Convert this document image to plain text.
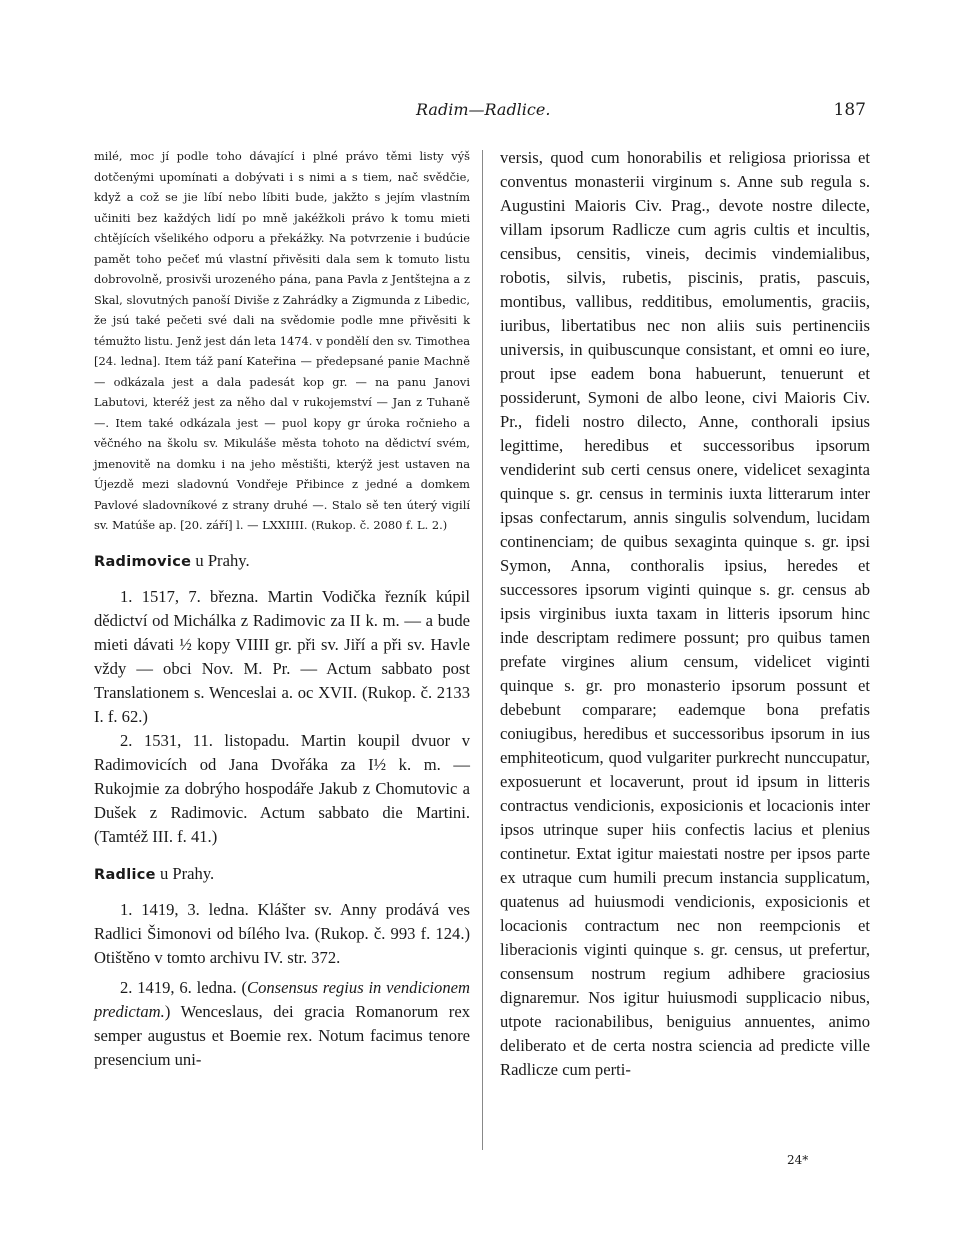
Radim—Radlice.	187

milé, moc jí podle toho dávající i plné právo těmi listy výš dotčenými upomínati a dobývati i s nimi a s tiem, nač svědčie, když a což se jie líbí nebo líbiti bude, jakžto s jejím vlastním učiniti bez každých lidí po mně jakéžkoli právo k tomu mieti chtějících všelikého odporu a překážky. Na potvrzenie i budúcie pamět toho pečeť mú vlastní přivěsiti dala sem k tomuto listu dobrovolně, prosivši urozeného pána, pana Pavla z Jentštejna a z Skal, slovutných panoší Diviše z Zahrádky a Zigmunda z Libedic, že jsú také pečeti své dali na svědomie podle mne přivěsiti k témužto listu. Jenž jest dán leta 1474. v pondělí den sv. Timothea [24. ledna]. Item táž paní Kateřina — předepsané panie Machně — odkázala jest a dala padesát kop gr. — na panu Janovi Labutovi, kteréž jest za něho dal v rukojemství — Jan z Tuhaně —. Item také odkázala jest — puol kopy gr úroka ročnieho a věčného na školu sv. Mikuláše města tohoto na dědictví svém, jmenovitě na domku i na jeho městišti, kterýž jest ustaven na Újezdě mezi sladovnú Vondřeje Přibince z jedné a domkem Pavlové sladovníkové z strany druhé —. Stalo sě ten úterý vigilí sv. Matúše ap. [20. září] l. — LXXIIII. (Rukop. č. 2080 f. L. 2.)

Radimovice u Prahy.

1. 1517, 7. března. Martin Vodička řezník kúpil dědictví od Michálka z Radimovic za II k. m. — a bude mieti dávati ½ kopy VIIII gr. při sv. Jiří a při sv. Havle vždy — obci Nov. M. Pr. — Actum sabbato post Translationem s. Wenceslai a. oc XVII. (Rukop. č. 2133 I. f. 62.)

2. 1531, 11. listopadu. Martin koupil dvuor v Radimovicích od Jana Dvořáka za I½ k. m. — Rukojmie za dobrýho hospodáře Jakub z Chomutovic a Dušek z Radimovic. Actum sabbato die Martini. (Tamtéž III. f. 41.)

Radlice u Prahy.

1. 1419, 3. ledna. Klášter sv. Anny prodává ves Radlici Šimonovi od bílého lva. (Rukop. č. 993 f. 124.) Otištěno v tomto archivu IV. str. 372.

2. 1419, 6. ledna. (Consensus regius in vendicionem predictam.) Wenceslaus, dei gracia Romanorum rex semper augustus et Boemie rex. Notum facimus tenore presencium uni-

versis, quod cum honorabilis et religiosa priorissa et conventus monasterii virginum s. Anne sub regula s. Augustini Maioris Civ. Prag., devote nostre dilecte, villam ipsorum Radlicze cum agris cultis et incultis, censibus, censitis, vineis, decimis vindemialibus, robotis, silvis, rubetis, piscinis, pratis, pascuis, montibus, vallibus, redditibus, emolumentis, graciis, iuribus, libertatibus nec non aliis suis pertinenciis universis, in quibuscunque consistant, et omni eo iure, prout ipse eadem bona habuerunt, tenuerunt et possiderunt, Symoni de albo leone, civi Maioris Civ. Pr., fideli nostro dilecto, Anne, conthorali ipsius legittime, heredibus et successoribus ipsorum vendiderint sub certi census onere, videlicet sexaginta quinque s. gr. census in terminis iuxta litterarum inter ipsas confectarum, annis singulis solvendum, lucidam continenciam; de quibus sexaginta quinque s. gr. ipsi Symon, Anna, conthoralis ipsius, heredes et successores ipsorum viginti quinque s. gr. census ab ipsis virginibus iuxta taxam in litteris ipsorum hinc inde descriptam redimere possunt; pro quibus tamen prefate virgines alium censum, videlicet viginti quinque s. gr. pro monasterio ipsorum possunt et debebunt comparare; eademque bona prefatis coniugibus, heredibus et successoribus ipsorum in ius emphiteoticum, quod vulgariter purkrecht nunccupatur, exposuerunt et locaverunt, prout id ipsum in litteris contractus vendicionis, exposicionis et locacionis inter ipsos utrinque super hiis confectis lacius et plenius continetur. Extat igitur maiestati nostre per ipsos parte ex utraque cum humili precum instancia supplicatum, quatenus ad huiusmodi vendicionis, exposicionis et locacionis contractum nec non reempcionis et liberacionis viginti quinque s. gr. census, ut prefertur, consensum nostrum regium adhibere graciosius dignaremur. Nos igitur huiusmodi supplicacio nibus, utpote racionabilibus, beniguius annuentes, animo deliberato et de certa nostra sciencia ad predicte ville Radlicze cum perti-

24*
